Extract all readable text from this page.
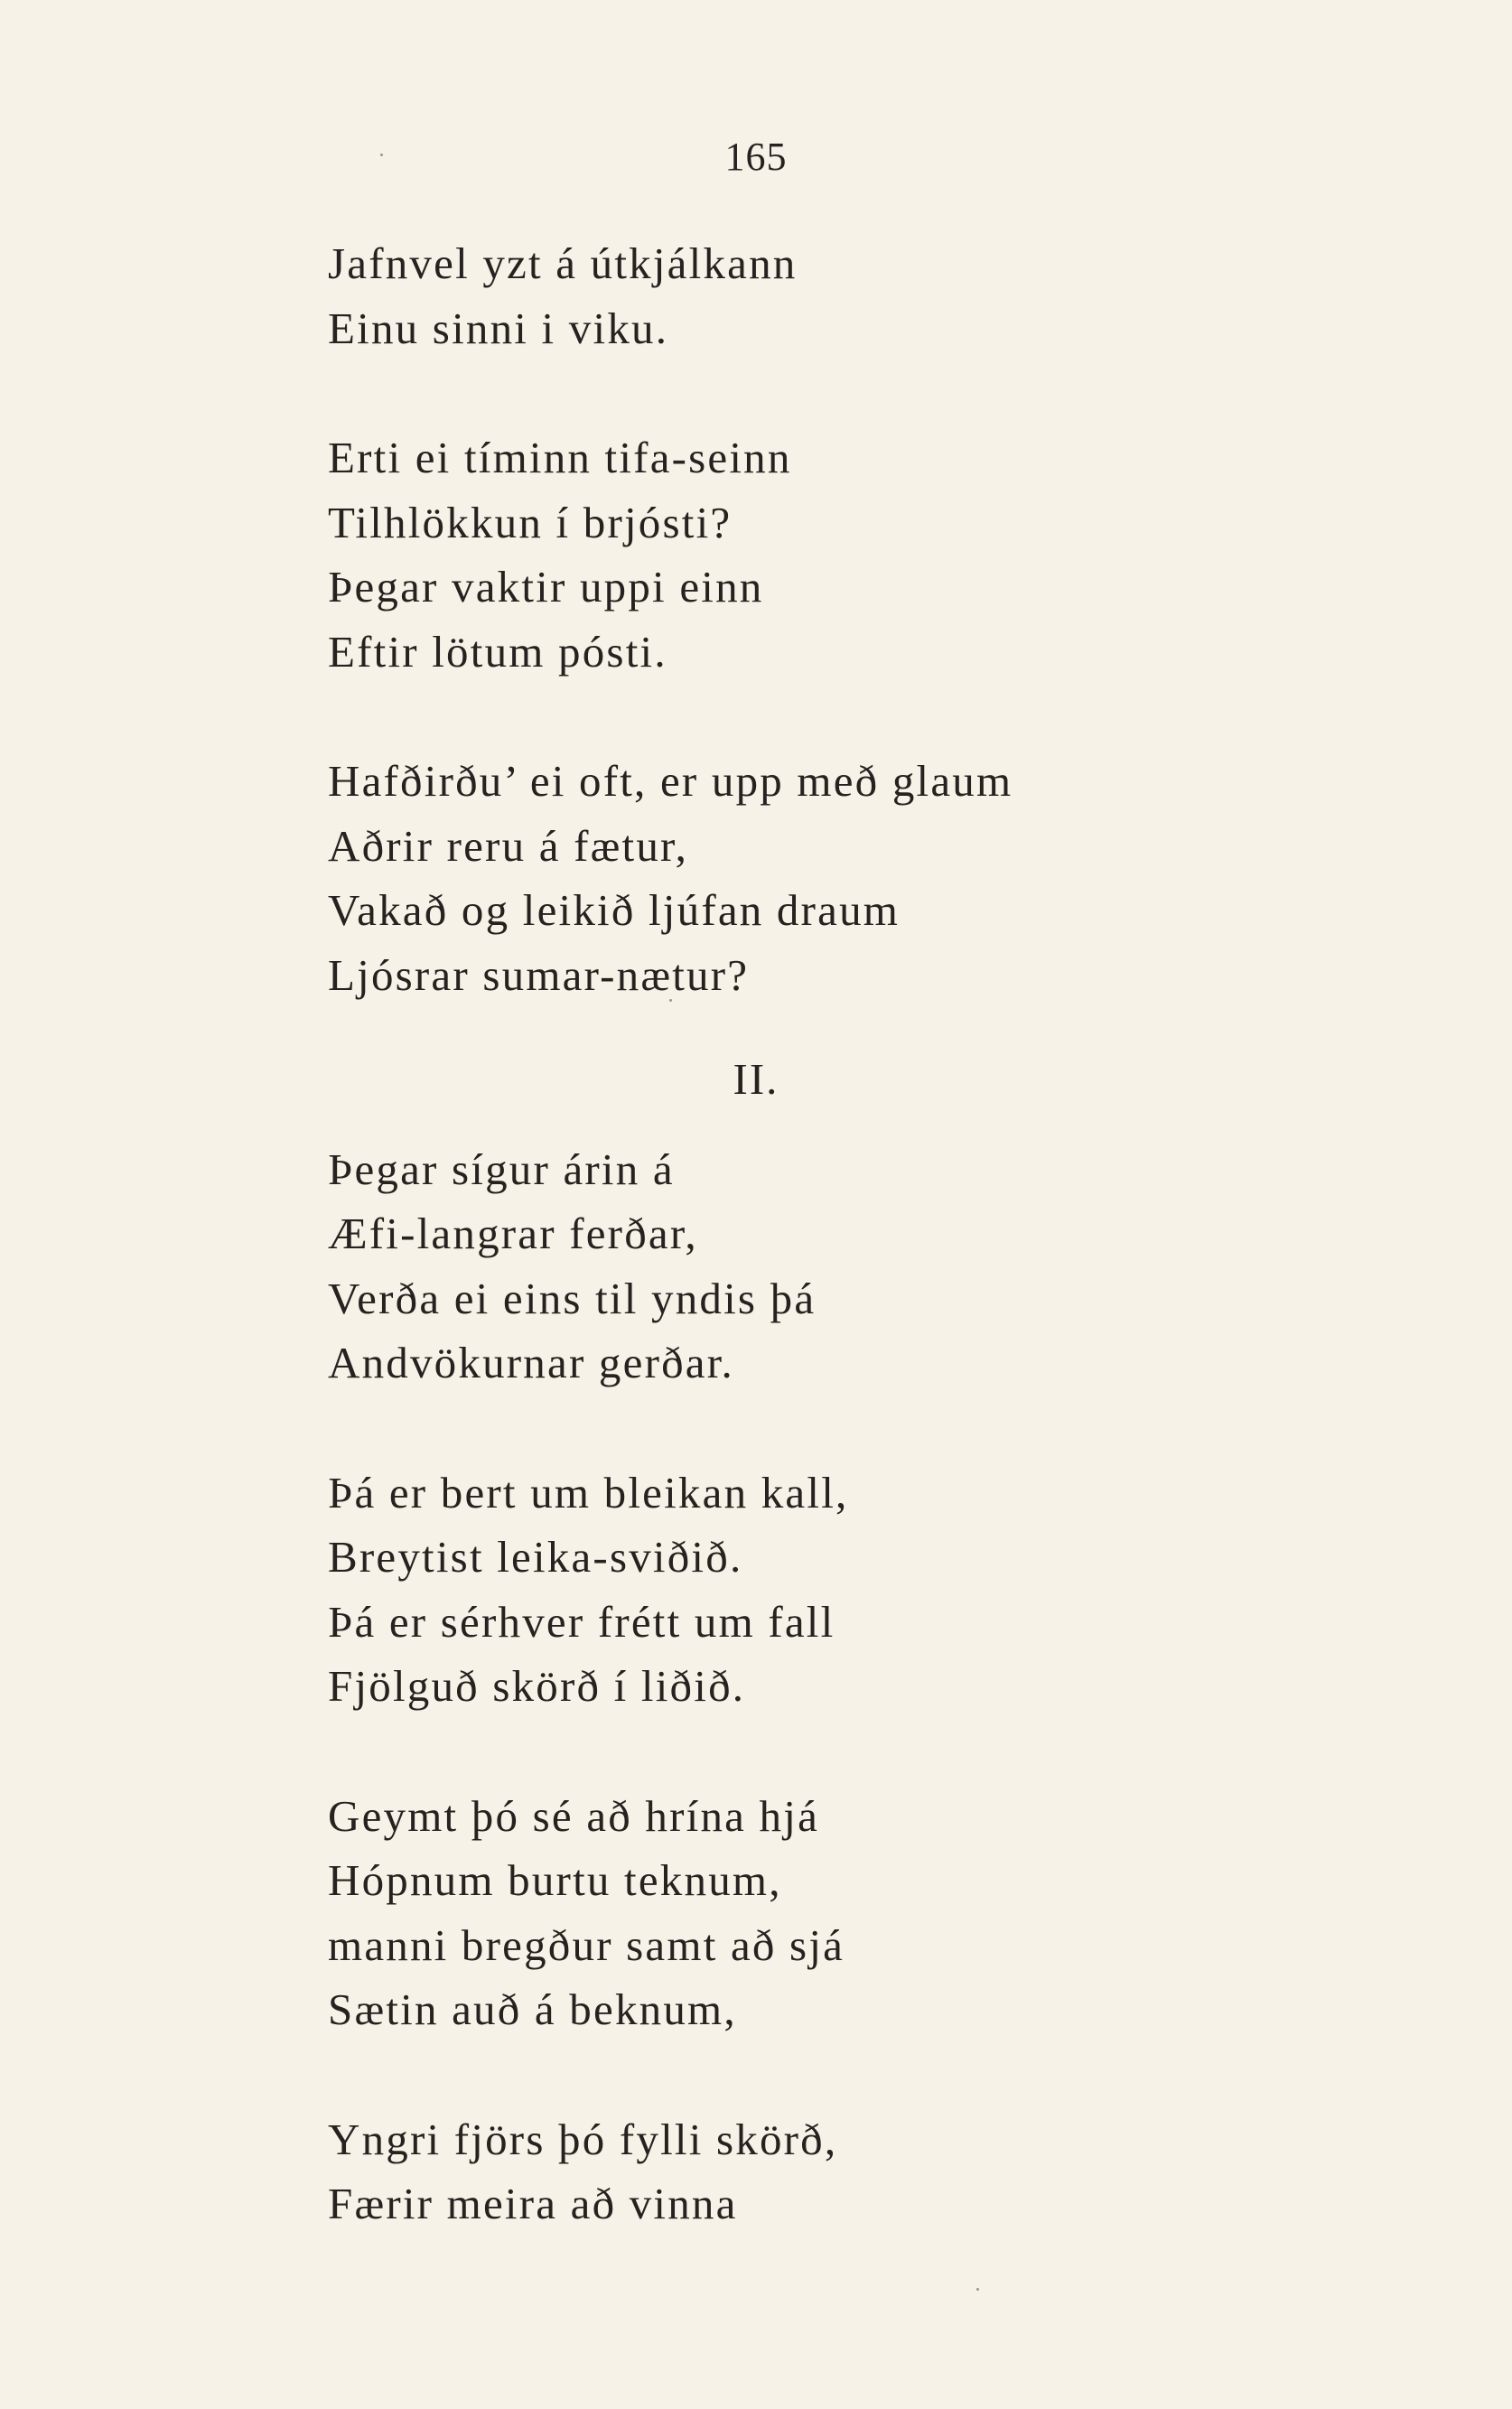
165
Jafnvel yzt á útkjálkann
Einu sinni i viku.
Erti ei tíminn tifa-seinn
Tilhlökkun í brjósti?
Þegar vaktir uppi einn
Eftir lötum pósti.
Hafðirðu’ ei oft, er upp með glaum
Aðrir reru á fætur,
Vakað og leikið ljúfan draum
Ljósrar sumar-nætur?
II.
Þegar sígur árin á
Æfi-langrar ferðar,
Verða ei eins til yndis þá
Andvökurnar gerðar.
Þá er bert um bleikan kall,
Breytist leika-sviðið.
Þá er sérhver frétt um fall
Fjölguð skörð í liðið.
Geymt þó sé að hrína hjá
Hópnum burtu teknum,
manni bregður samt að sjá
Sætin auð á beknum,
Yngri fjörs þó fylli skörð,
Færir meira að vinna
